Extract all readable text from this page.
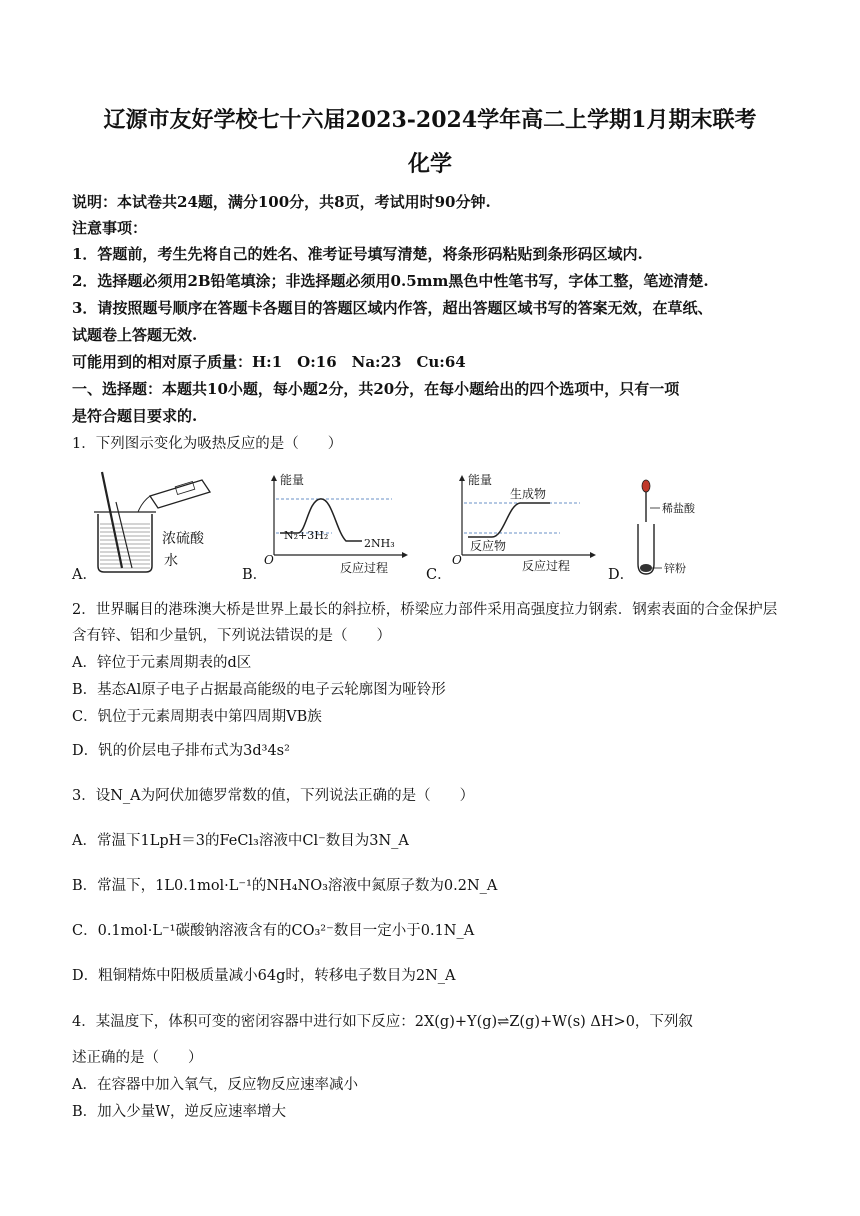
辽源市友好学校七十六届2023-2024学年高二上学期1月期末联考
化学
说明：本试卷共24题，满分100分，共8页，考试用时90分钟.
注意事项：
1．答题前，考生先将自己的姓名、准考证号填写清楚，将条形码粘贴到条形码区域内.
2．选择题必须用2B铅笔填涂；非选择题必须用0.5mm黑色中性笔书写，字体工整，笔迹清楚.
3．请按照题号顺序在答题卡各题目的答题区域内作答，超出答题区域书写的答案无效，在草纸、
试题卷上答题无效.
可能用到的相对原子质量：H:1　O:16　Na:23　Cu:64
一、选择题：本题共10小题，每小题2分，共20分，在每小题给出的四个选项中，只有一项
是符合题目要求的.
1．下列图示变化为吸热反应的是（　　）
浓硫酸
水
A．
能量
O
N₂+3H₂
2NH₃
反应过程
B．
能量
O
生成物
反应物
反应过程
C．
稀盐酸
锌粉
D．
2．世界瞩目的港珠澳大桥是世界上最长的斜拉桥，桥梁应力部件采用高强度拉力钢索．钢索表面的合金保护层
含有锌、铝和少量钒，下列说法错误的是（　　）
A．锌位于元素周期表的d区
B．基态Al原子电子占据最高能级的电子云轮廓图为哑铃形
C．钒位于元素周期表中第四周期VB族
D．钒的价层电子排布式为3d³4s²
3．设N_A为阿伏加德罗常数的值，下列说法正确的是（　　）
A．常温下1LpH＝3的FeCl₃溶液中Cl⁻数目为3N_A
B．常温下，1L0.1mol·L⁻¹的NH₄NO₃溶液中氮原子数为0.2N_A
C．0.1mol·L⁻¹碳酸钠溶液含有的CO₃²⁻数目一定小于0.1N_A
D．粗铜精炼中阳极质量减小64g时，转移电子数目为2N_A
4．某温度下，体积可变的密闭容器中进行如下反应：2X(g)+Y(g)⇌Z(g)+W(s) ΔH>0，下列叙
述正确的是（　　）
A．在容器中加入氧气，反应物反应速率减小
B．加入少量W，逆反应速率增大
